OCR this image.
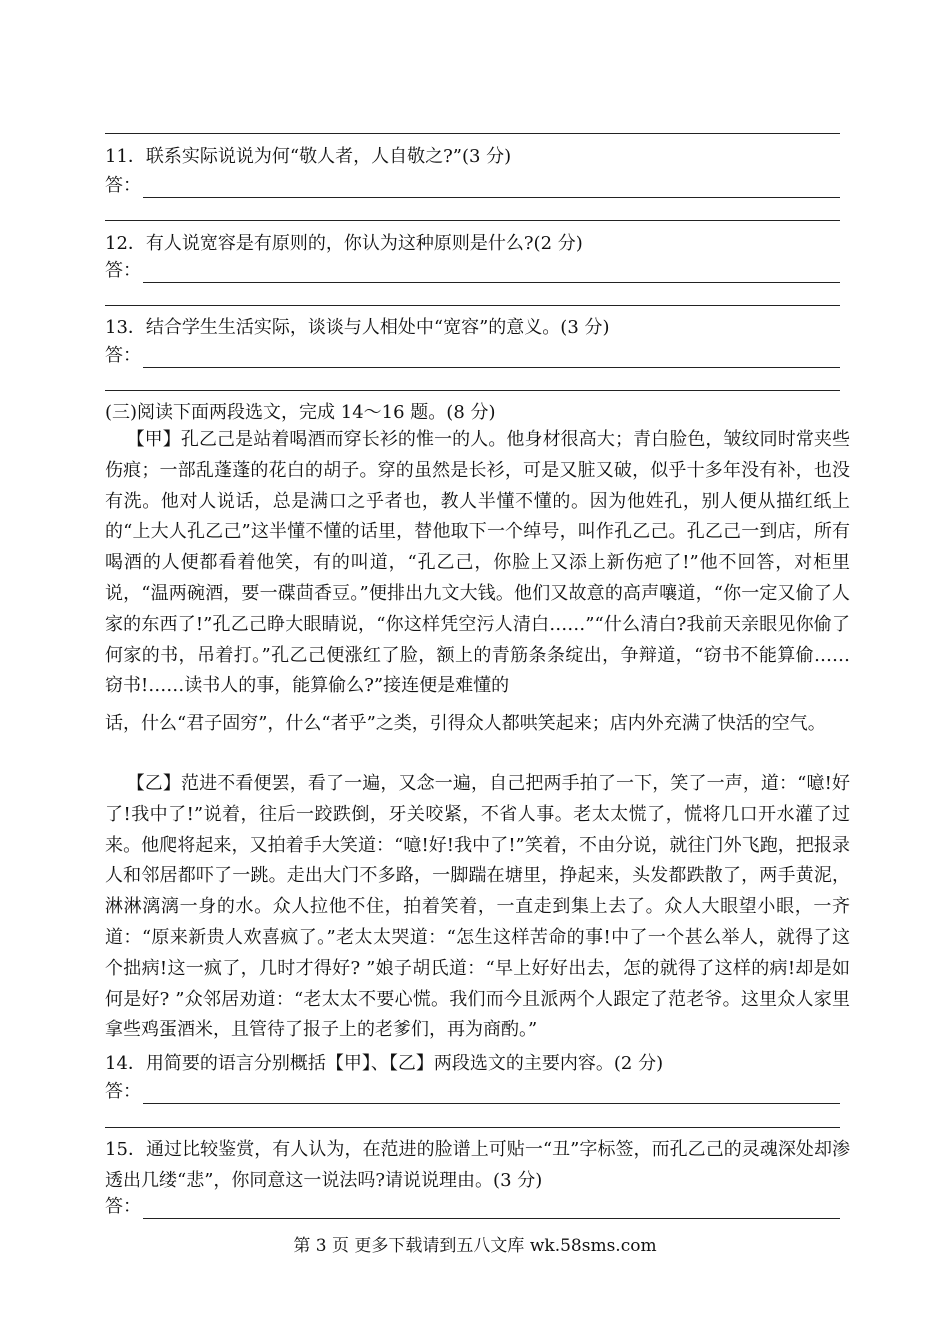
11．联系实际说说为何“敬人者，人自敬之?”(3 分)
答：
12．有人说宽容是有原则的，你认为这种原则是什么?(2 分)
答：
13．结合学生生活实际，谈谈与人相处中“宽容”的意义。(3 分)
答：
(三)阅读下面两段选文，完成 14～16 题。(8 分)
【甲】孔乙己是站着喝酒而穿长衫的惟一的人。他身材很高大；青白脸色，皱纹同时常夹些伤痕；一部乱蓬蓬的花白的胡子。穿的虽然是长衫，可是又脏又破，似乎十多年没有补，也没有洗。他对人说话，总是满口之乎者也，教人半懂不懂的。因为他姓孔，别人便从描红纸上的“上大人孔乙己”这半懂不懂的话里，替他取下一个绰号，叫作孔乙己。孔乙己一到店，所有喝酒的人便都看着他笑，有的叫道，“孔乙己，你脸上又添上新伤疤了!”他不回答，对柜里说，“温两碗酒，要一碟茴香豆。”便排出九文大钱。他们又故意的高声嚷道，“你一定又偷了人家的东西了!”孔乙己睁大眼睛说，“你这样凭空污人清白……”“什么清白?我前天亲眼见你偷了何家的书，吊着打。”孔乙己便涨红了脸，额上的青筋条条绽出，争辩道，“窃书不能算偷……窃书!……读书人的事，能算偷么?”接连便是难懂的
话，什么“君子固穷”，什么“者乎”之类，引得众人都哄笑起来；店内外充满了快活的空气。
【乙】范进不看便罢，看了一遍，又念一遍，自己把两手拍了一下，笑了一声，道：“噫!好了!我中了!”说着，往后一跤跌倒，牙关咬紧，不省人事。老太太慌了，慌将几口开水灌了过来。他爬将起来，又拍着手大笑道：“噫!好!我中了!”笑着，不由分说，就往门外飞跑，把报录人和邻居都吓了一跳。走出大门不多路，一脚踹在塘里，挣起来，头发都跌散了，两手黄泥，淋淋漓漓一身的水。众人拉他不住，拍着笑着，一直走到集上去了。众人大眼望小眼，一齐道：“原来新贵人欢喜疯了。”老太太哭道：“怎生这样苦命的事!中了一个甚么举人，就得了这个拙病!这一疯了，几时才得好? ”娘子胡氏道：“早上好好出去，怎的就得了这样的病!却是如何是好? ”众邻居劝道：“老太太不要心慌。我们而今且派两个人跟定了范老爷。这里众人家里拿些鸡蛋酒米，且管待了报子上的老爹们，再为商酌。”
14．用简要的语言分别概括【甲】、【乙】两段选文的主要内容。(2 分)
答：
15．通过比较鉴赏，有人认为，在范进的脸谱上可贴一“丑”字标签，而孔乙己的灵魂深处却渗透出几缕“悲”，你同意这一说法吗?请说说理由。(3 分)
答：
第 3 页 更多下载请到五八文库 wk.58sms.com
